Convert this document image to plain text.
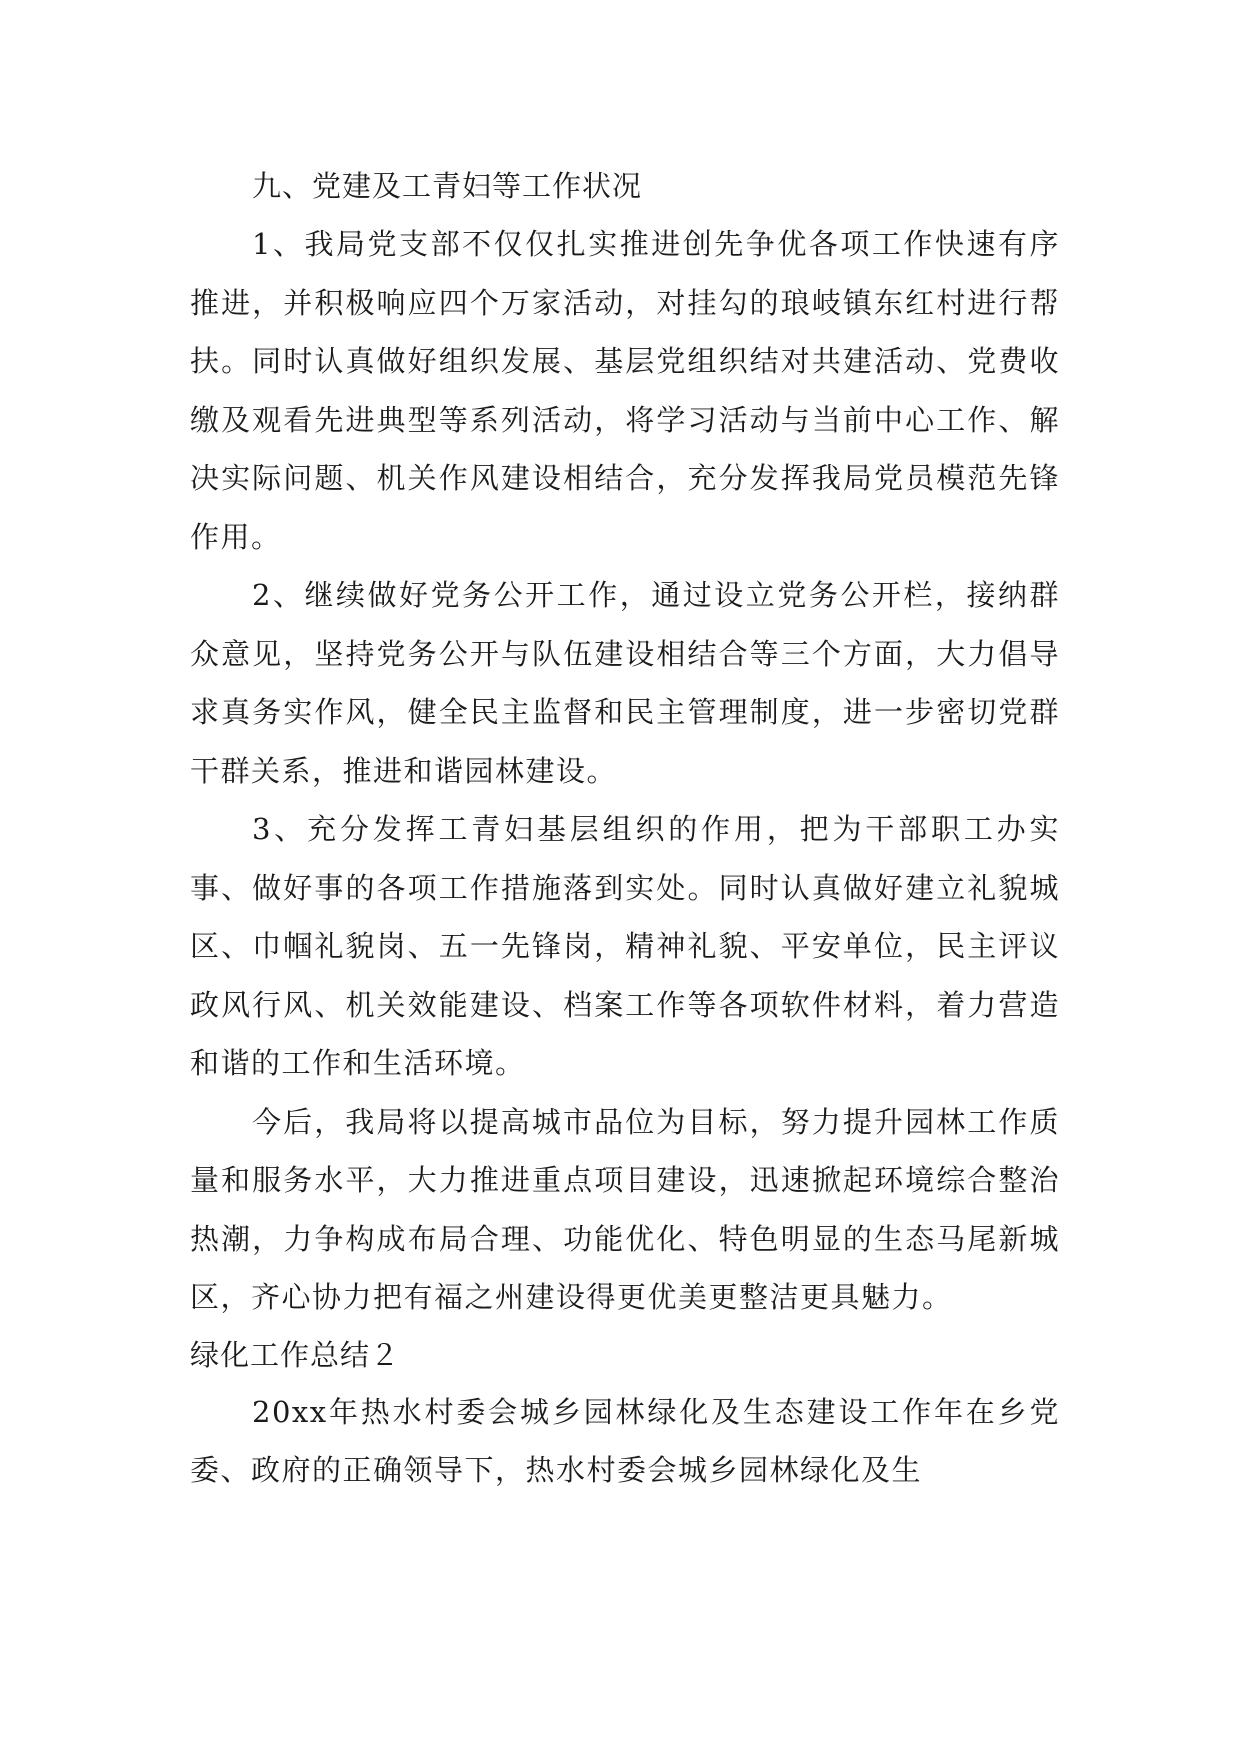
九、党建及工青妇等工作状况

1、我局党支部不仅仅扎实推进创先争优各项工作快速有序推进，并积极响应四个万家活动，对挂勾的琅岐镇东红村进行帮扶。同时认真做好组织发展、基层党组织结对共建活动、党费收缴及观看先进典型等系列活动，将学习活动与当前中心工作、解决实际问题、机关作风建设相结合，充分发挥我局党员模范先锋作用。

2、继续做好党务公开工作，通过设立党务公开栏，接纳群众意见，坚持党务公开与队伍建设相结合等三个方面，大力倡导求真务实作风，健全民主监督和民主管理制度，进一步密切党群干群关系，推进和谐园林建设。

3、充分发挥工青妇基层组织的作用，把为干部职工办实事、做好事的各项工作措施落到实处。同时认真做好建立礼貌城区、巾帼礼貌岗、五一先锋岗，精神礼貌、平安单位，民主评议政风行风、机关效能建设、档案工作等各项软件材料，着力营造和谐的工作和生活环境。

今后，我局将以提高城市品位为目标，努力提升园林工作质量和服务水平，大力推进重点项目建设，迅速掀起环境综合整治热潮，力争构成布局合理、功能优化、特色明显的生态马尾新城区，齐心协力把有福之州建设得更优美更整洁更具魅力。

绿化工作总结２

20xx年热水村委会城乡园林绿化及生态建设工作年在乡党委、政府的正确领导下，热水村委会城乡园林绿化及生
